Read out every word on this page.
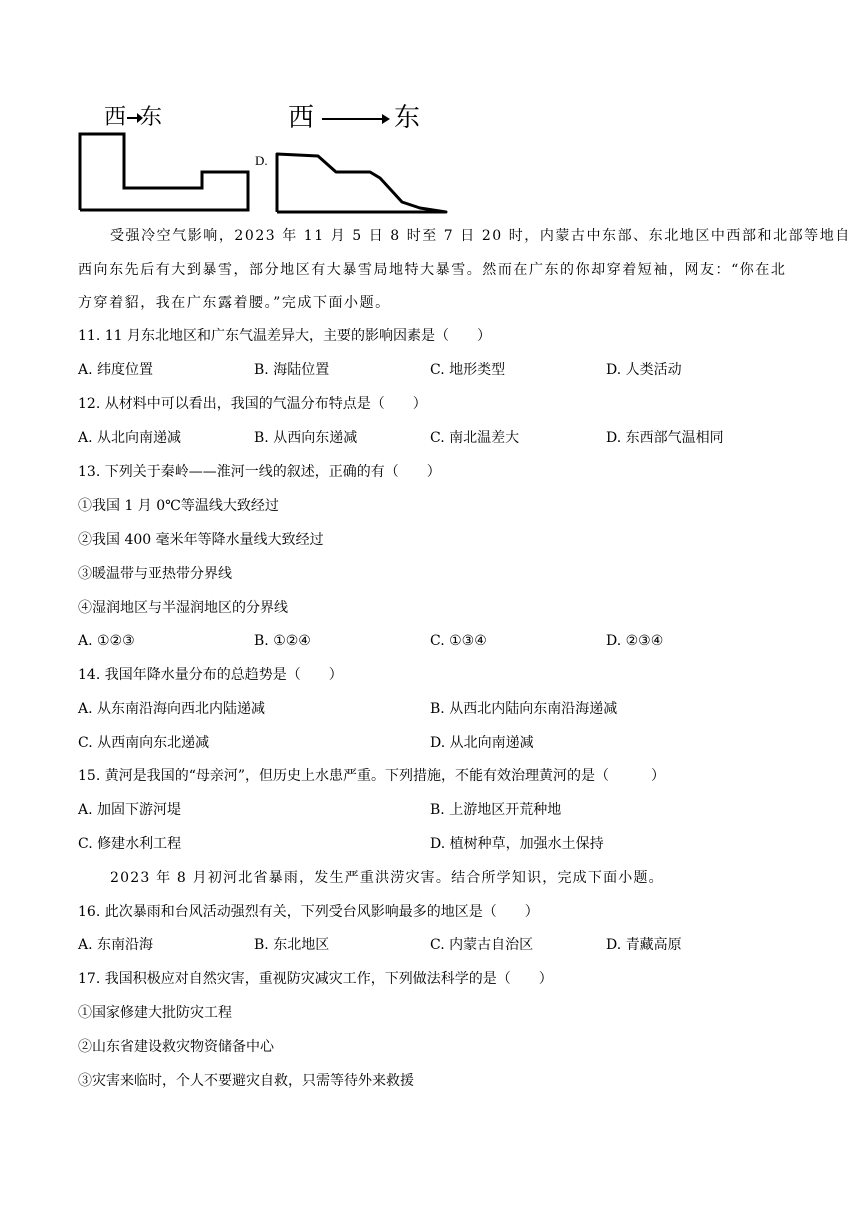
西 东
D.
西	东
受强冷空气影响，2023 年 11 月 5 日 8 时至 7 日 20 时，内蒙古中东部、东北地区中西部和北部等地自
西向东先后有大到暴雪，部分地区有大暴雪局地特大暴雪。然而在广东的你却穿着短袖，网友：“你在北
方穿着貂，我在广东露着腰。”完成下面小题。
11. 11 月东北地区和广东气温差异大，主要的影响因素是（　　）
A. 纬度位置	B. 海陆位置	C. 地形类型	D. 人类活动
12. 从材料中可以看出，我国的气温分布特点是（　　）
A. 从北向南递减	B. 从西向东递减	C. 南北温差大	D. 东西部气温相同
13. 下列关于秦岭——淮河一线的叙述，正确的有（　　）
①我国 1 月 0℃等温线大致经过
②我国 400 毫米年等降水量线大致经过
③暖温带与亚热带分界线
④湿润地区与半湿润地区的分界线
A. ①②③	B. ①②④	C. ①③④	D. ②③④
14. 我国年降水量分布的总趋势是（　　）
A. 从东南沿海向西北内陆递减	B. 从西北内陆向东南沿海递减
C. 从西南向东北递减	D. 从北向南递减
15. 黄河是我国的“母亲河”，但历史上水患严重。下列措施，不能有效治理黄河的是（　　　）
A. 加固下游河堤	B. 上游地区开荒种地
C. 修建水利工程	D. 植树种草，加强水土保持
2023 年 8 月初河北省暴雨，发生严重洪涝灾害。结合所学知识，完成下面小题。
16. 此次暴雨和台风活动强烈有关，下列受台风影响最多的地区是（　　）
A. 东南沿海	B. 东北地区	C. 内蒙古自治区	D. 青藏高原
17. 我国积极应对自然灾害，重视防灾减灾工作，下列做法科学的是（　　）
①国家修建大批防灾工程
②山东省建设救灾物资储备中心
③灾害来临时，个人不要避灾自救，只需等待外来救援
